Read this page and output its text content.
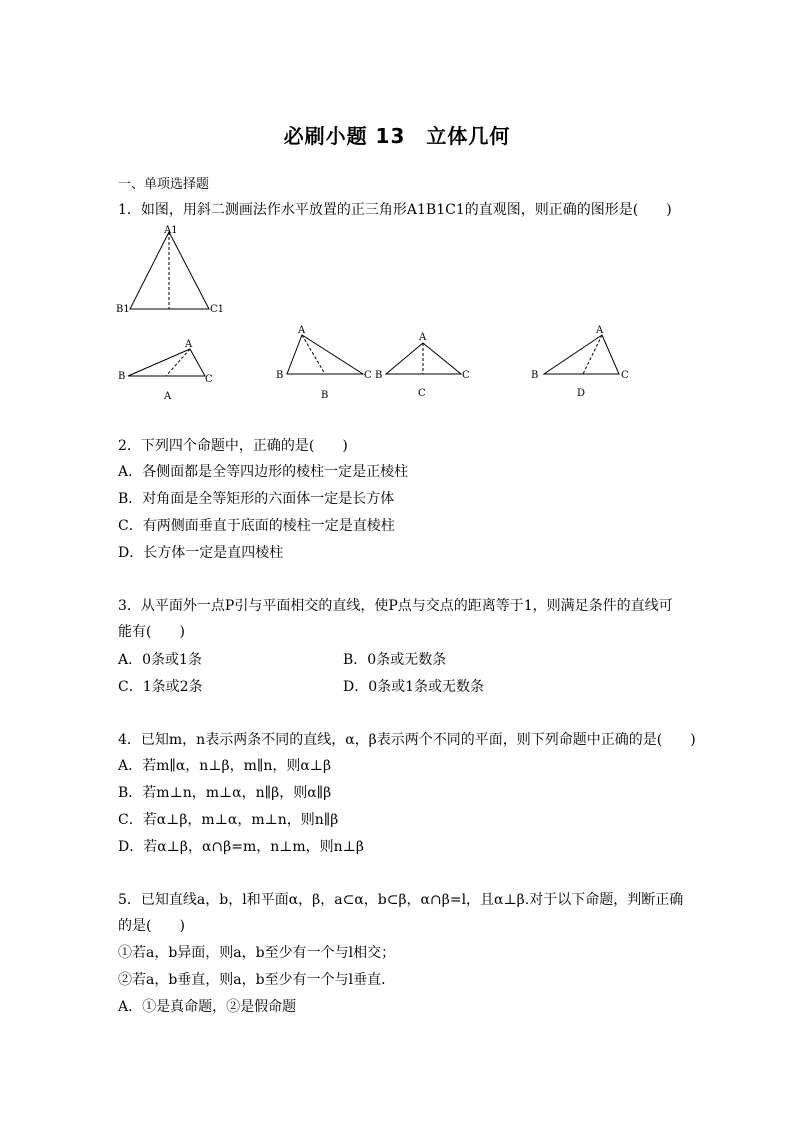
必刷小题 13　立体几何
一、单项选择题
1．如图，用斜二测画法作水平放置的正三角形A1B1C1的直观图，则正确的图形是(　　)
A1
B1	C1
A
B	C
A
A
B	C
B
A
B	C
C
A
B	C
D
2．下列四个命题中，正确的是(　　)
A．各侧面都是全等四边形的棱柱一定是正棱柱
B．对角面是全等矩形的六面体一定是长方体
C．有两侧面垂直于底面的棱柱一定是直棱柱
D．长方体一定是直四棱柱
3．从平面外一点P引与平面相交的直线，使P点与交点的距离等于1，则满足条件的直线可
能有(　　)
A．0条或1条	B．0条或无数条
C．1条或2条	D．0条或1条或无数条
4．已知m，n表示两条不同的直线，α，β表示两个不同的平面，则下列命题中正确的是(　　)
A．若m∥α，n⊥β，m∥n，则α⊥β
B．若m⊥n，m⊥α，n∥β，则α∥β
C．若α⊥β，m⊥α，m⊥n，则n∥β
D．若α⊥β，α∩β=m，n⊥m，则n⊥β
5．已知直线a，b，l和平面α，β，a⊂α，b⊂β，α∩β=l，且α⊥β.对于以下命题，判断正确
的是(　　)
①若a，b异面，则a，b至少有一个与l相交；
②若a，b垂直，则a，b至少有一个与l垂直．
A．①是真命题，②是假命题
